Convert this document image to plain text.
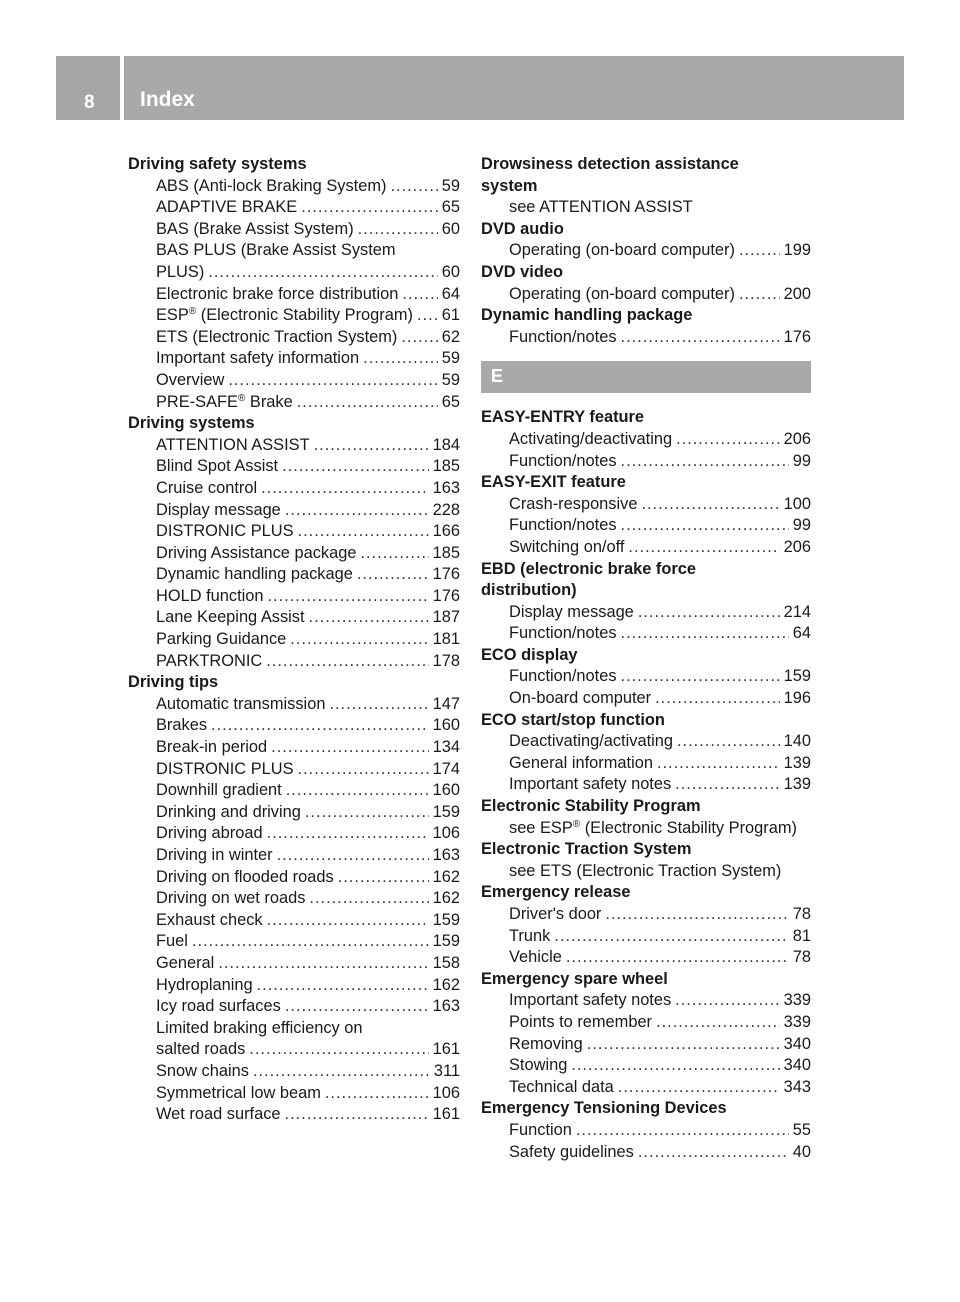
8 Index
Driving safety systems
ABS (Anti-lock Braking System) .....	59
ADAPTIVE BRAKE .....	65
BAS (Brake Assist System) .....	60
BAS PLUS (Brake Assist System
PLUS) .....	60
Electronic brake force distribution .....	64
ESP® (Electronic Stability Program) ..... 61
ETS (Electronic Traction System) .....	62
Important safety information .....	59
Overview .....	59
PRE-SAFE® Brake .....	65
Driving systems
ATTENTION ASSIST .....	184
Blind Spot Assist .....	185
Cruise control .....	163
Display message .....	228
DISTRONIC PLUS .....	166
Driving Assistance package .....	185
Dynamic handling package .....	176
HOLD function .....	176
Lane Keeping Assist .....	187
Parking Guidance .....	181
PARKTRONIC .....	178
Driving tips
Automatic transmission .....	147
Brakes .....	160
Break-in period .....	134
DISTRONIC PLUS .....	174
Downhill gradient .....	160
Drinking and driving .....	159
Driving abroad .....	106
Driving in winter .....	163
Driving on flooded roads .....	162
Driving on wet roads .....	162
Exhaust check .....	159
Fuel .....	159
General .....	158
Hydroplaning .....	162
Icy road surfaces .....	163
Limited braking efficiency on
salted roads .....	161
Snow chains .....	311
Symmetrical low beam .....	106
Wet road surface .....	161
Drowsiness detection assistance
system
see ATTENTION ASSIST
DVD audio
Operating (on-board computer) .....	199
DVD video
Operating (on-board computer) .....	200
Dynamic handling package
Function/notes .....	176
E
EASY-ENTRY feature
Activating/deactivating .....	206
Function/notes .....	99
EASY-EXIT feature
Crash-responsive .....	100
Function/notes .....	99
Switching on/off .....	206
EBD (electronic brake force
distribution)
Display message .....	214
Function/notes .....	64
ECO display
Function/notes .....	159
On-board computer .....	196
ECO start/stop function
Deactivating/activating .....	140
General information .....	139
Important safety notes .....	139
Electronic Stability Program
see ESP® (Electronic Stability Program)
Electronic Traction System
see ETS (Electronic Traction System)
Emergency release
Driver's door .....	78
Trunk .....	81
Vehicle .....	78
Emergency spare wheel
Important safety notes .....	339
Points to remember .....	339
Removing .....	340
Stowing .....	340
Technical data .....	343
Emergency Tensioning Devices
Function .....	55
Safety guidelines .....	40
